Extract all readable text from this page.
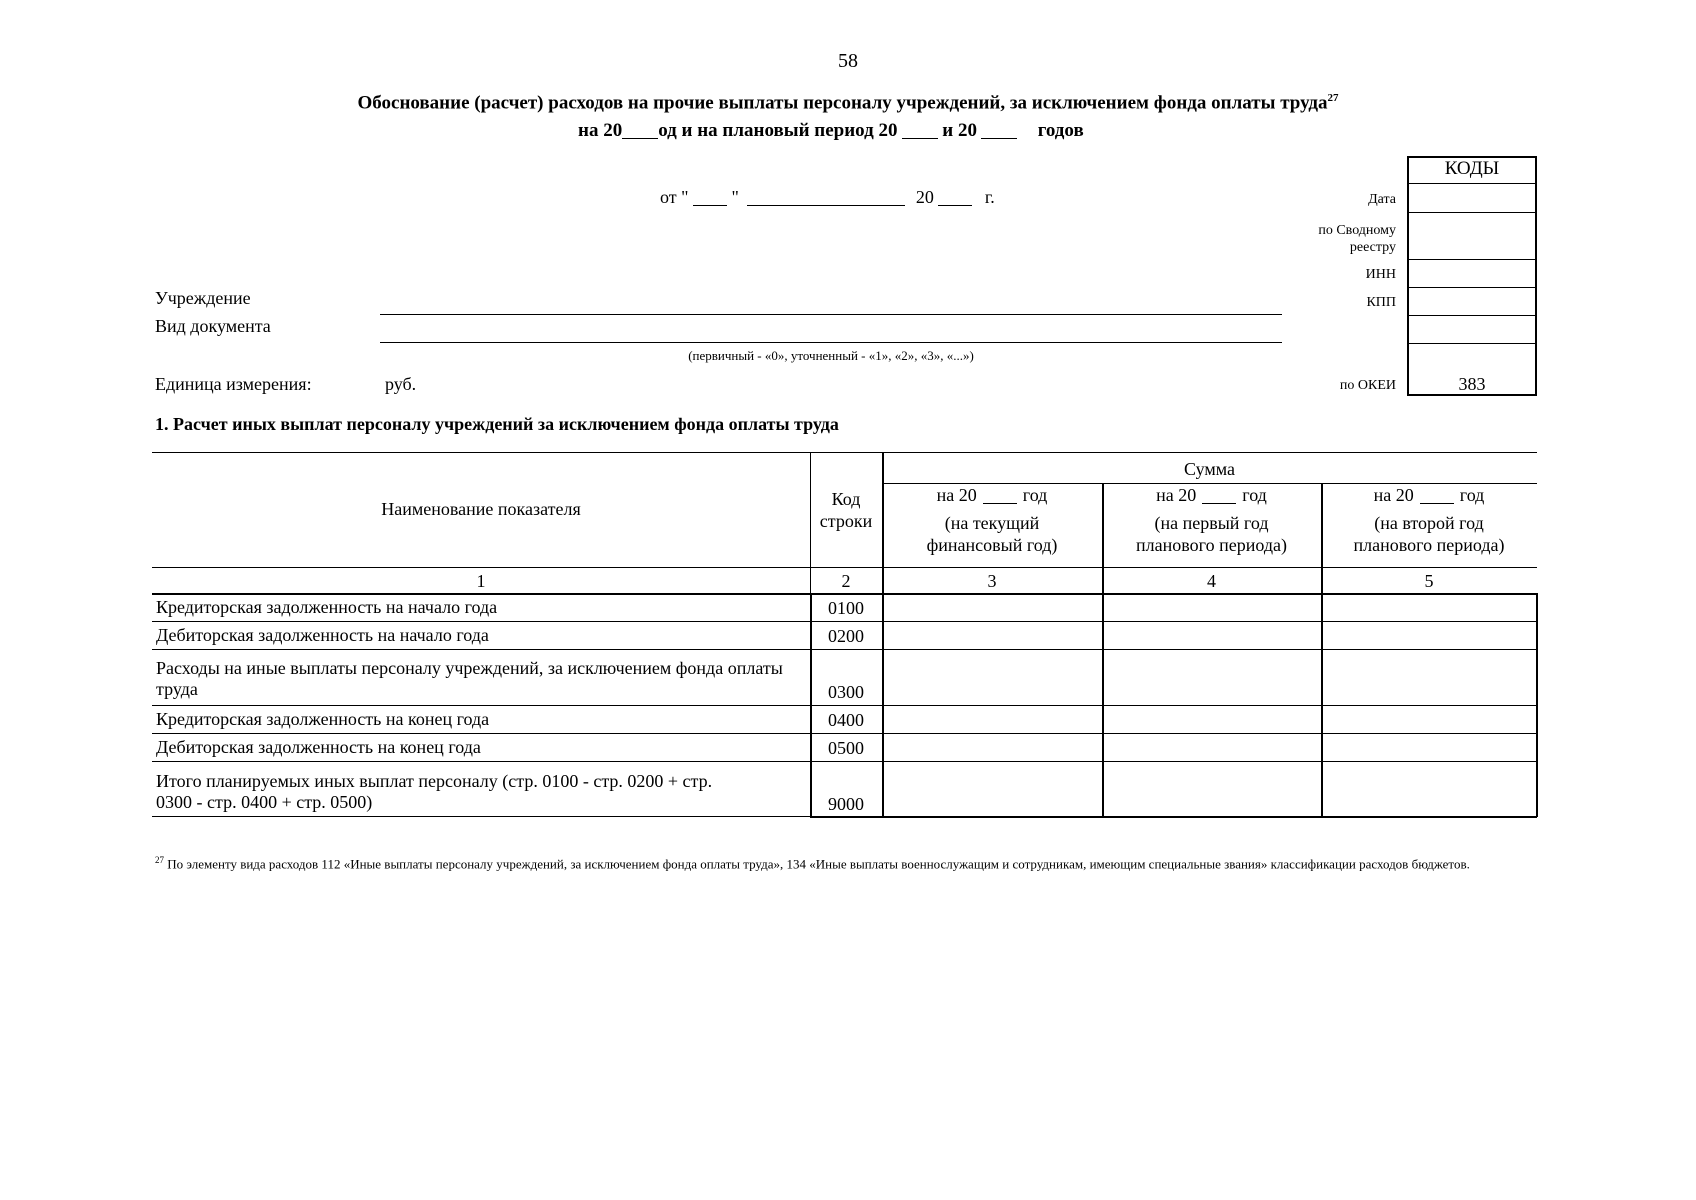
58
Обоснование (расчет) расходов на прочие выплаты персоналу учреждений, за исключением фонда оплаты труда$^{27}$
на 20 од и на плановый период 20 и 20	годов
от " "	20	г.
КОДЫ
Дата
по Сводному
реестру
ИНН
КПП
по ОКЕИ	383
Учреждение
Вид документа
(первичный - «0», уточненный - «1», «2», «3», «...»)
Единица измерения:	руб.
1. Расчет иных выплат персоналу учреждений за исключением фонда оплаты труда
Наименование показателя	Код
строки
Сумма
на 20	год
(на текущий
финансовый год)
на 20	год
(на первый год
планового периода)
на 20	год
(на второй год
планового периода)
1	2	3	4	5
Кредиторская задолженность на начало года	0100
Дебиторская задолженность на начало года	0200
Расходы на иные выплаты персоналу учреждений, за исключением фонда оплаты труда	0300
Кредиторская задолженность на конец года	0400
Дебиторская задолженность на конец года	0500
Итого планируемых иных выплат персоналу (стр. 0100 - стр. 0200 + стр. 0300 - стр. 0400 + стр. 0500)	9000
$^{27}$ По элементу вида расходов 112 «Иные выплаты персоналу учреждений, за исключением фонда оплаты труда», 134 «Иные выплаты военнослужащим и сотрудникам, имеющим специальные звания» классификации расходов бюджетов.
